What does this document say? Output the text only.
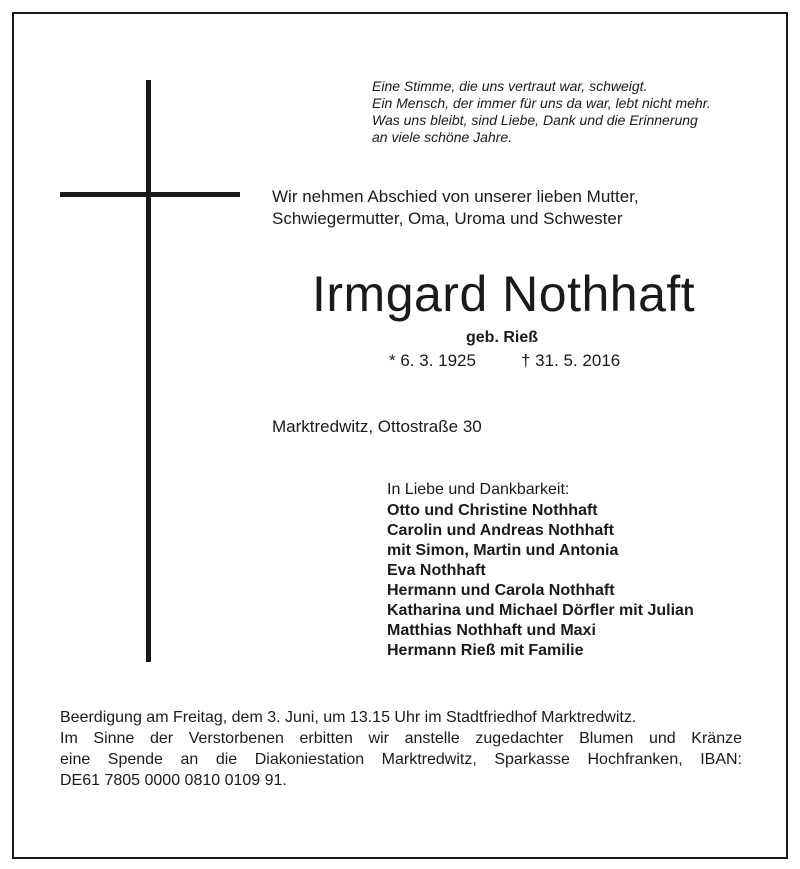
Eine Stimme, die uns vertraut war, schweigt.
Ein Mensch, der immer für uns da war, lebt nicht mehr.
Was uns bleibt, sind Liebe, Dank und die Erinnerung
an viele schöne Jahre.
Wir nehmen Abschied von unserer lieben Mutter,
Schwiegermutter, Oma, Uroma und Schwester
Irmgard Nothhaft
geb. Rieß
* 6. 3. 1925	† 31. 5. 2016
Marktredwitz, Ottostraße 30
In Liebe und Dankbarkeit:
Otto und Christine Nothhaft
Carolin und Andreas Nothhaft
mit Simon, Martin und Antonia
Eva Nothhaft
Hermann und Carola Nothhaft
Katharina und Michael Dörfler mit Julian
Matthias Nothhaft und Maxi
Hermann Rieß mit Familie
Beerdigung am Freitag, dem 3. Juni, um 13.15 Uhr im Stadtfriedhof Marktredwitz.
Im Sinne der Verstorbenen erbitten wir anstelle zugedachter Blumen und Kränze
eine Spende an die Diakoniestation Marktredwitz, Sparkasse Hochfranken, IBAN:
DE61 7805 0000 0810 0109 91.
